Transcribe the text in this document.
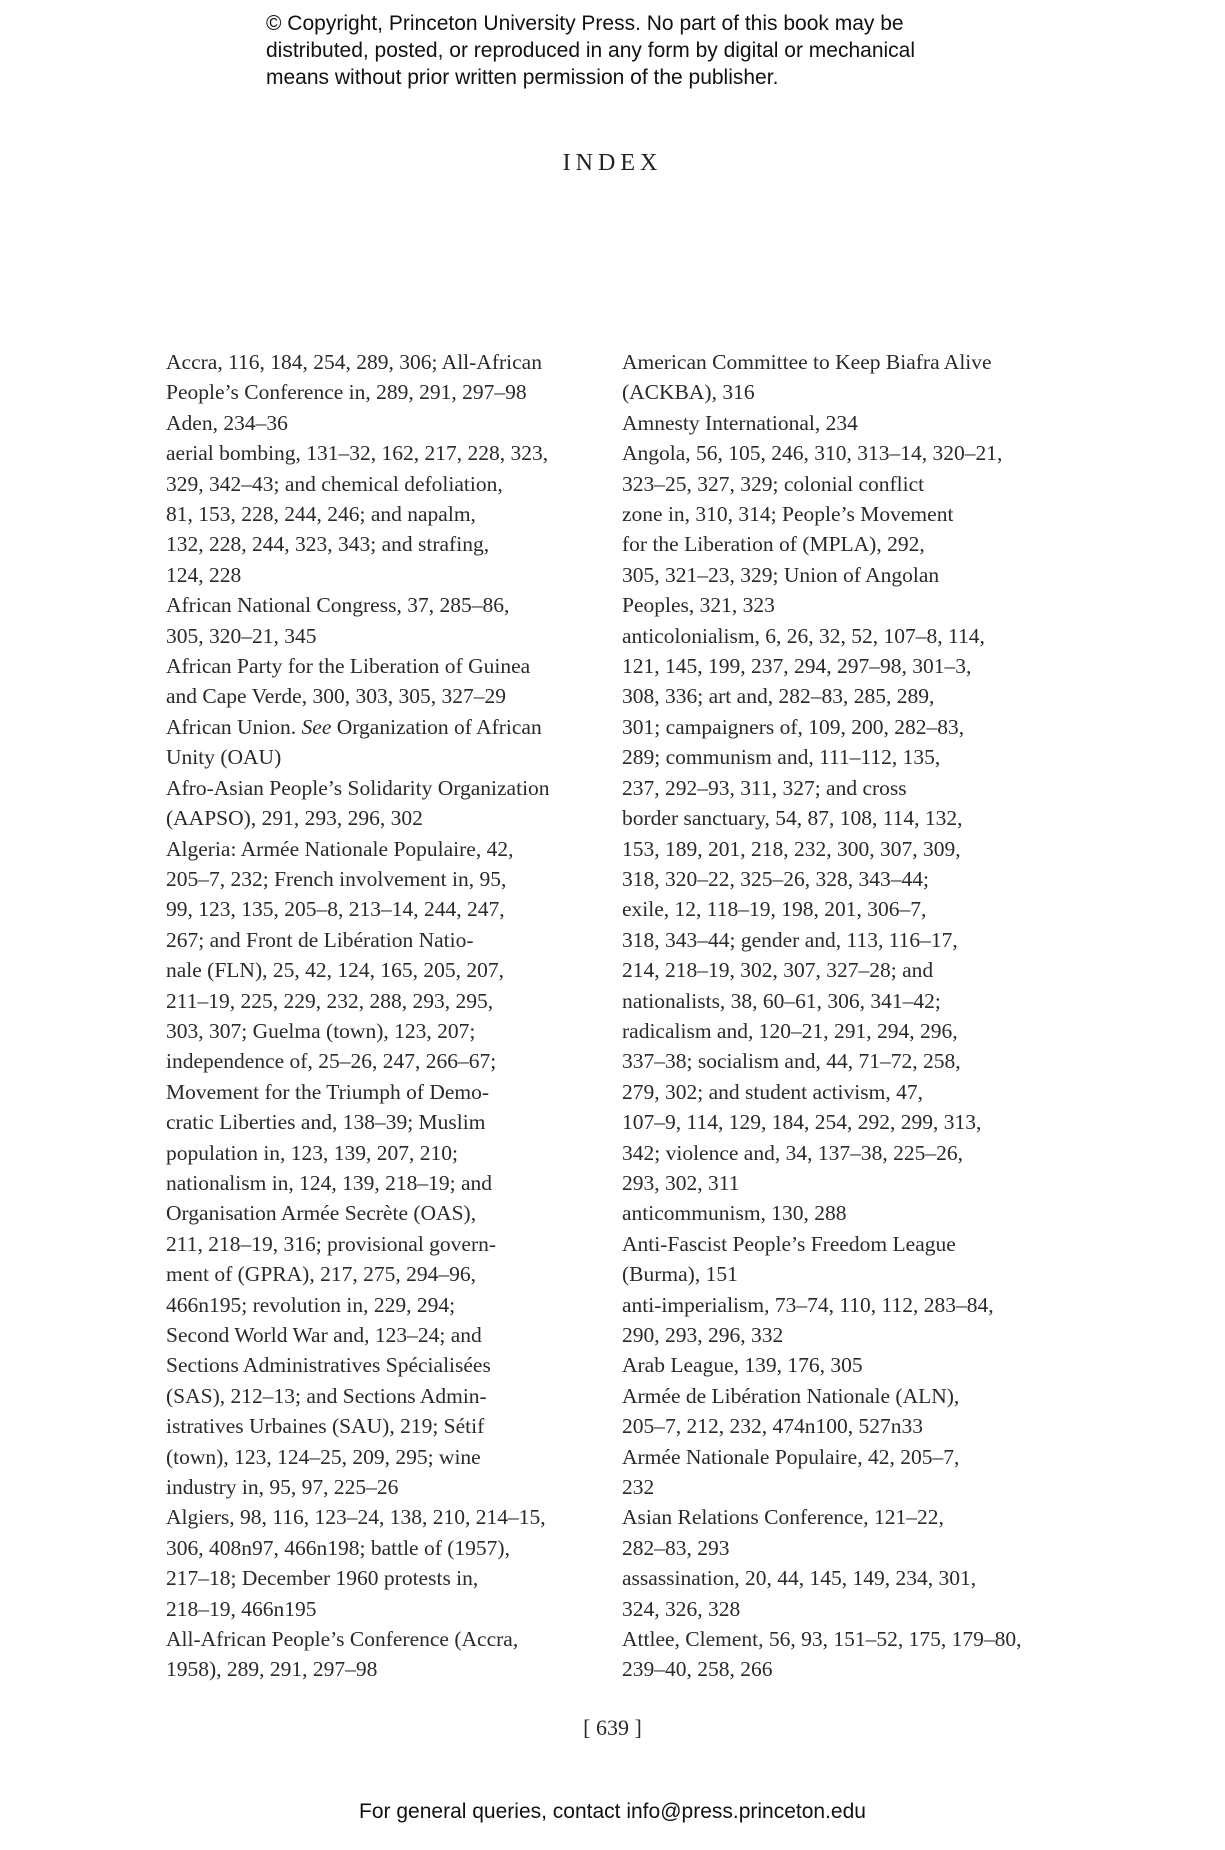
© Copyright, Princeton University Press. No part of this book may be
distributed, posted, or reproduced in any form by digital or mechanical
means without prior written permission of the publisher.
INDEX
Accra, 116, 184, 254, 289, 306; All-African
People’s Conference in, 289, 291, 297–98
Aden, 234–36
aerial bombing, 131–32, 162, 217, 228, 323,
329, 342–43; and chemical defoliation,
81, 153, 228, 244, 246; and napalm,
132, 228, 244, 323, 343; and strafing,
124, 228
African National Congress, 37, 285–86,
305, 320–21, 345
African Party for the Liberation of Guinea
and Cape Verde, 300, 303, 305, 327–29
African Union. See Organization of African
Unity (OAU)
Afro-Asian People’s Solidarity Organization
(AAPSO), 291, 293, 296, 302
Algeria: Armée Nationale Populaire, 42,
205–7, 232; French involvement in, 95,
99, 123, 135, 205–8, 213–14, 244, 247,
267; and Front de Libération Natio-
nale (FLN), 25, 42, 124, 165, 205, 207,
211–19, 225, 229, 232, 288, 293, 295,
303, 307; Guelma (town), 123, 207;
independence of, 25–26, 247, 266–67;
Movement for the Triumph of Demo-
cratic Liberties and, 138–39; Muslim
population in, 123, 139, 207, 210;
nationalism in, 124, 139, 218–19; and
Organisation Armée Secrète (OAS),
211, 218–19, 316; provisional govern-
ment of (GPRA), 217, 275, 294–96,
466n195; revolution in, 229, 294;
Second World War and, 123–24; and
Sections Administratives Spécialisées
(SAS), 212–13; and Sections Admin-
istratives Urbaines (SAU), 219; Sétif
(town), 123, 124–25, 209, 295; wine
industry in, 95, 97, 225–26
Algiers, 98, 116, 123–24, 138, 210, 214–15,
306, 408n97, 466n198; battle of (1957),
217–18; December 1960 protests in,
218–19, 466n195
All-African People’s Conference (Accra,
1958), 289, 291, 297–98
American Committee to Keep Biafra Alive
(ACKBA), 316
Amnesty International, 234
Angola, 56, 105, 246, 310, 313–14, 320–21,
323–25, 327, 329; colonial conflict
zone in, 310, 314; People’s Movement
for the Liberation of (MPLA), 292,
305, 321–23, 329; Union of Angolan
Peoples, 321, 323
anticolonialism, 6, 26, 32, 52, 107–8, 114,
121, 145, 199, 237, 294, 297–98, 301–3,
308, 336; art and, 282–83, 285, 289,
301; campaigners of, 109, 200, 282–83,
289; communism and, 111–112, 135,
237, 292–93, 311, 327; and cross
border sanctuary, 54, 87, 108, 114, 132,
153, 189, 201, 218, 232, 300, 307, 309,
318, 320–22, 325–26, 328, 343–44;
exile, 12, 118–19, 198, 201, 306–7,
318, 343–44; gender and, 113, 116–17,
214, 218–19, 302, 307, 327–28; and
nationalists, 38, 60–61, 306, 341–42;
radicalism and, 120–21, 291, 294, 296,
337–38; socialism and, 44, 71–72, 258,
279, 302; and student activism, 47,
107–9, 114, 129, 184, 254, 292, 299, 313,
342; violence and, 34, 137–38, 225–26,
293, 302, 311
anticommunism, 130, 288
Anti-Fascist People’s Freedom League
(Burma), 151
anti-imperialism, 73–74, 110, 112, 283–84,
290, 293, 296, 332
Arab League, 139, 176, 305
Armée de Libération Nationale (ALN),
205–7, 212, 232, 474n100, 527n33
Armée Nationale Populaire, 42, 205–7,
232
Asian Relations Conference, 121–22,
282–83, 293
assassination, 20, 44, 145, 149, 234, 301,
324, 326, 328
Attlee, Clement, 56, 93, 151–52, 175, 179–80,
239–40, 258, 266
[ 639 ]
For general queries, contact info@press.princeton.edu
